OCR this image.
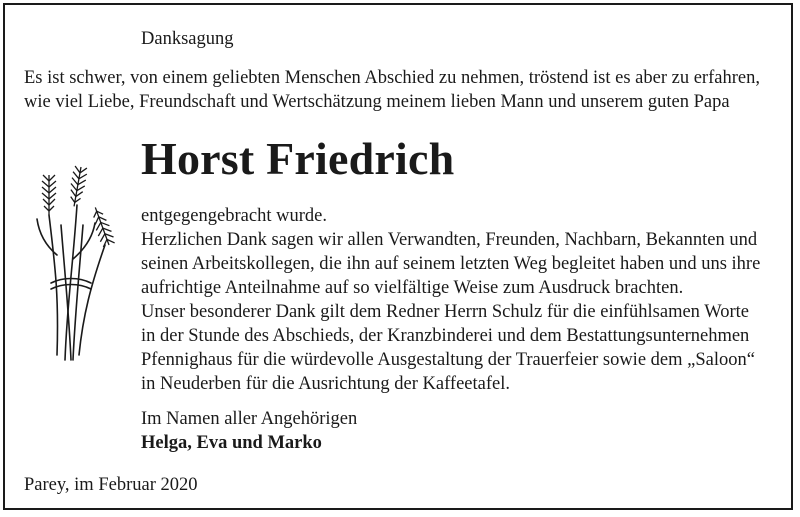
Danksagung
Es ist schwer, von einem geliebten Menschen Abschied zu nehmen, tröstend ist es aber zu erfahren,
wie viel Liebe, Freundschaft und Wertschätzung meinem lieben Mann und unserem guten Papa
Horst Friedrich
entgegengebracht wurde.
Herzlichen Dank sagen wir allen Verwandten, Freunden, Nachbarn, Bekannten und
seinen Arbeitskollegen, die ihn auf seinem letzten Weg begleitet haben und uns ihre
aufrichtige Anteilnahme auf so vielfältige Weise zum Ausdruck brachten.
Unser besonderer Dank gilt dem Redner Herrn Schulz für die einfühlsamen Worte
in der Stunde des Abschieds, der Kranzbinderei und dem Bestattungsunternehmen
Pfennighaus für die würdevolle Ausgestaltung der Trauerfeier sowie dem „Saloon“
in Neuderben für die Ausrichtung der Kaffeetafel.
Im Namen aller Angehörigen
Helga, Eva und Marko
Parey, im Februar 2020
